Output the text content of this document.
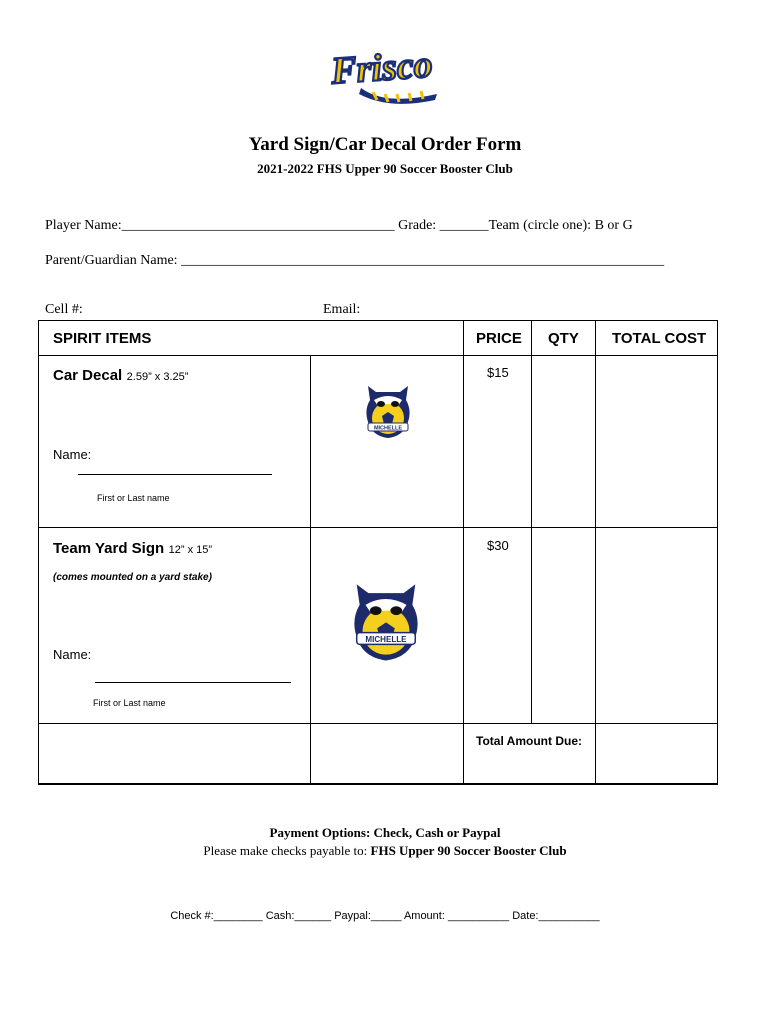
Frisco
Yard Sign/Car Decal Order Form
2021-2022 FHS Upper 90 Soccer Booster Club
Player Name:_______________________________________ Grade: _______Team (circle one): B or G
Parent/Guardian Name: _____________________________________________________________________
Cell #:	Email:
SPIRIT ITEMS	PRICE QTY TOTAL COST
Car Decal 2.59” x 3.25”
Name:
First or Last name
$15
MICHELLE
Team Yard Sign 12” x 15”
(comes mounted on a yard stake)
Name:
First or Last name
$30
MICHELLE
Total Amount Due:
Payment Options: Check, Cash or Paypal
Please make checks payable to: FHS Upper 90 Soccer Booster Club
Check #:________ Cash:______ Paypal:_____ Amount: __________ Date:__________
